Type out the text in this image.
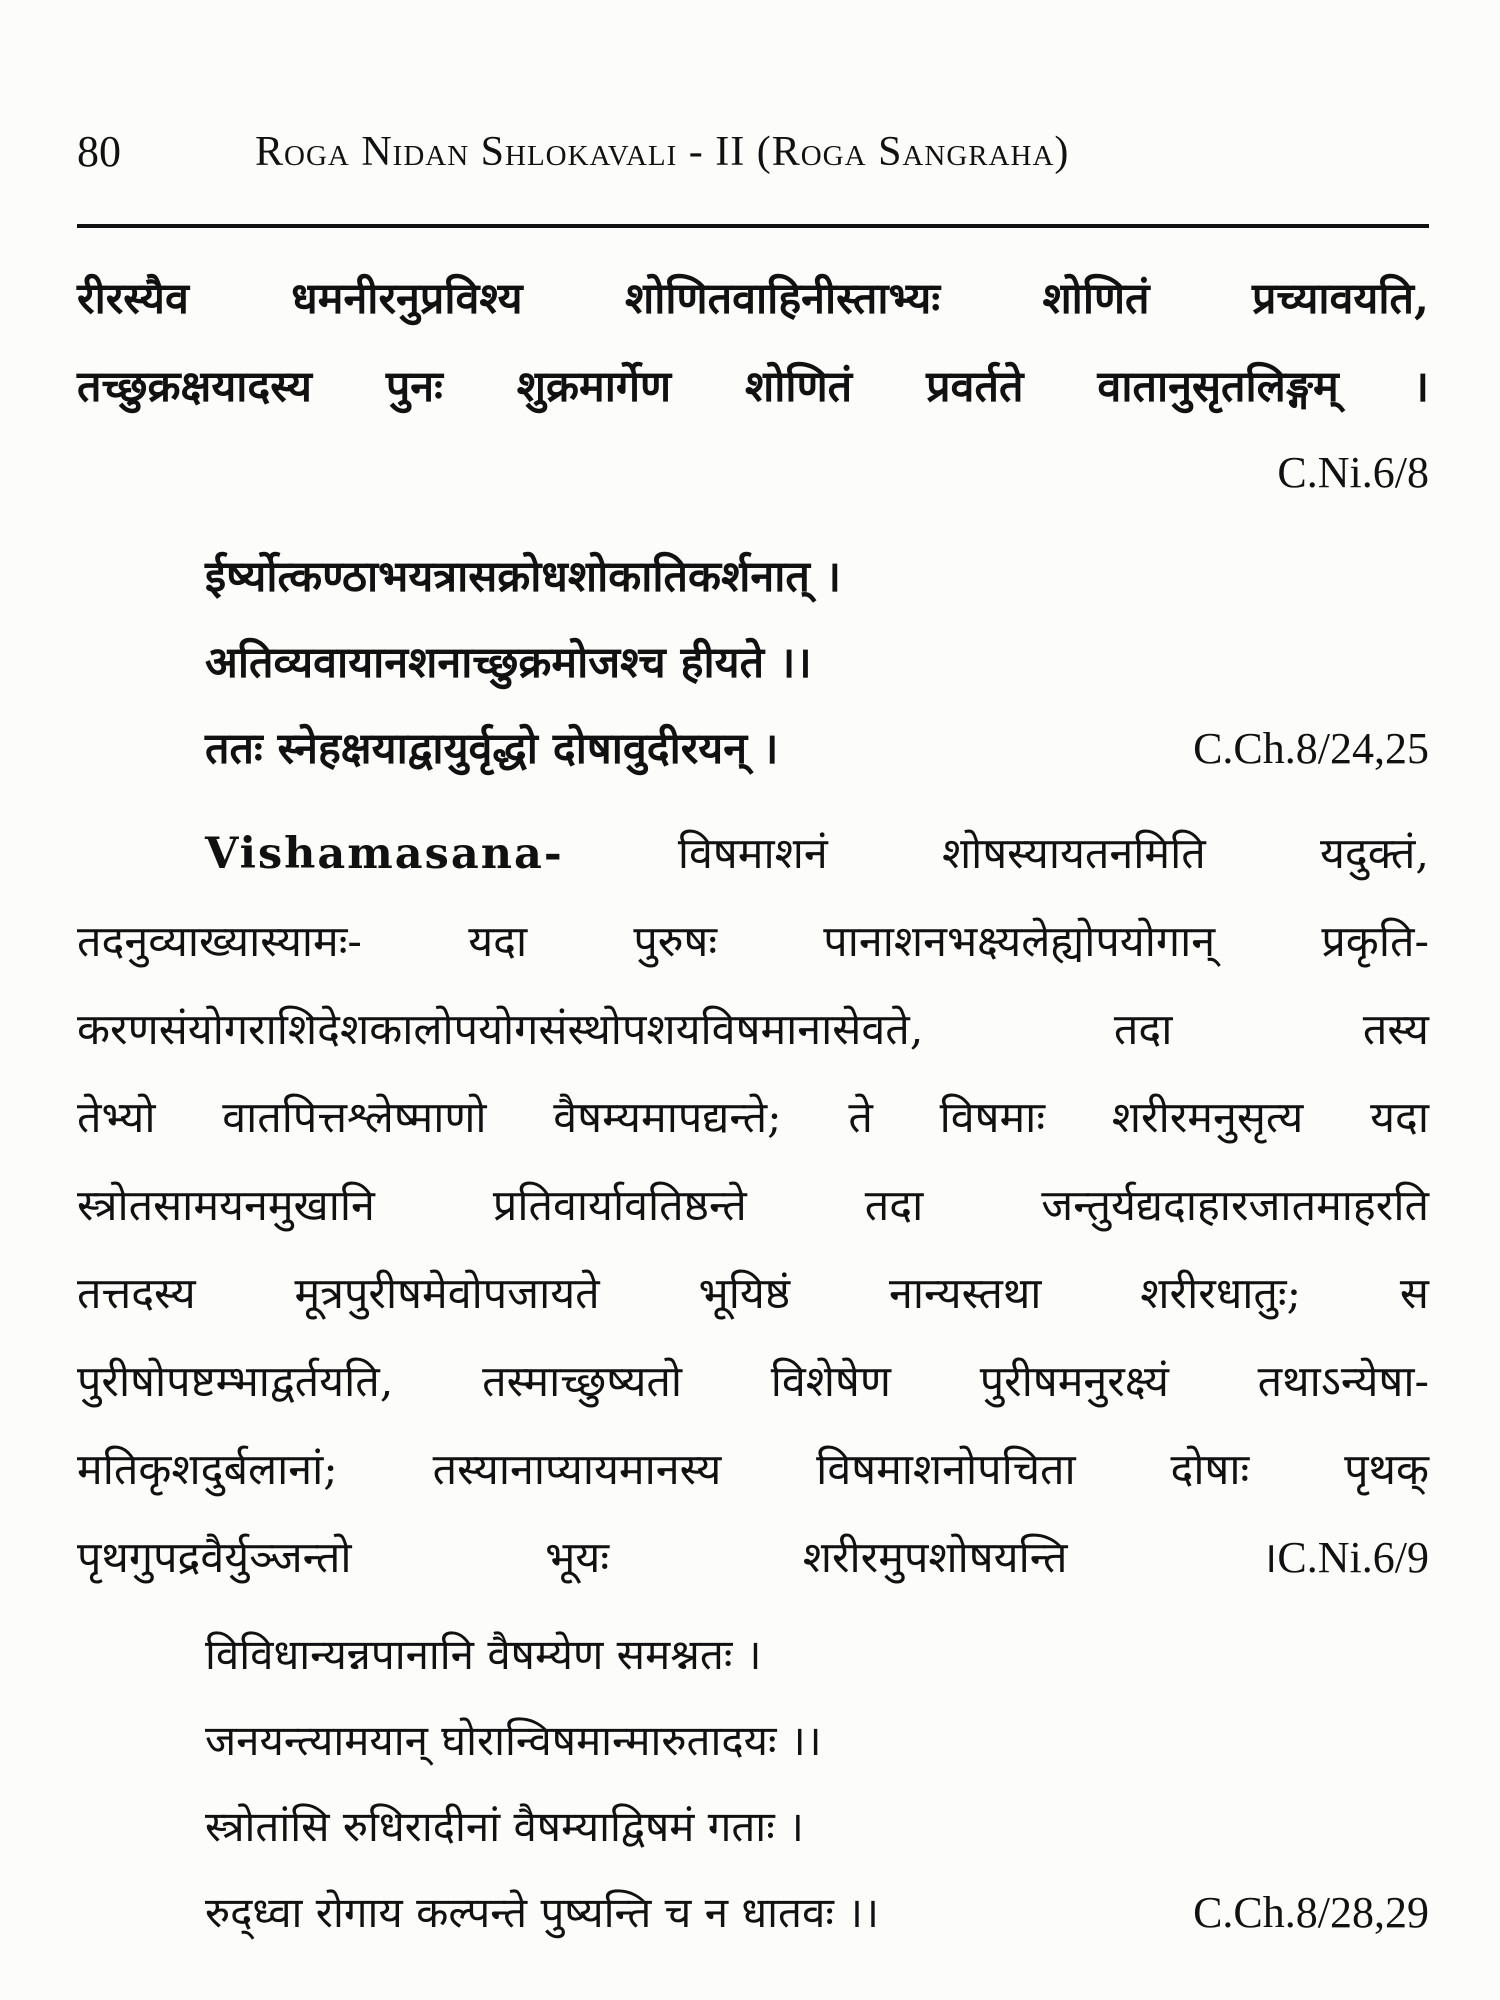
80	Roga Nidan Shlokavali - II (Roga Sangraha)
रीरस्यैव धमनीरनुप्रविश्य शोणितवाहिनीस्ताभ्यः शोणितं प्रच्यावयति,
तच्छुक्रक्षयादस्य पुनः शुक्रमार्गेण शोणितं प्रवर्तते वातानुसृतलिङ्गम् ।
C.Ni.6/8
ईर्ष्योत्कण्ठाभयत्रासक्रोधशोकातिकर्शनात् ।
अतिव्यवायानशनाच्छुक्रमोजश्च हीयते ।।
ततः स्नेहक्षयाद्वायुर्वृद्धो दोषावुदीरयन् ।	C.Ch.8/24,25
Vishamasana-	विषमाशनं शोषस्यायतनमिति यदुक्तं,
तदनुव्याख्यास्यामः- यदा पुरुषः पानाशनभक्ष्यलेह्योपयोगान् प्रकृति-
करणसंयोगराशिदेशकालोपयोगसंस्थोपशयविषमानासेवते, तदा तस्य
तेभ्यो वातपित्तश्लेष्माणो वैषम्यमापद्यन्ते; ते विषमाः शरीरमनुसृत्य यदा
स्त्रोतसामयनमुखानि प्रतिवार्यावतिष्ठन्ते तदा जन्तुर्यद्यदाहारजातमाहरति
तत्तदस्य मूत्रपुरीषमेवोपजायते भूयिष्ठं नान्यस्तथा शरीरधातुः; स
पुरीषोपष्टम्भाद्वर्तयति, तस्माच्छुष्यतो विशेषेण पुरीषमनुरक्ष्यं तथाऽन्येषा-
मतिकृशदुर्बलानां; तस्यानाप्यायमानस्य विषमाशनोपचिता दोषाः पृथक्
पृथगुपद्रवैर्युञ्जन्तो भूयः शरीरमुपशोषयन्ति । C.Ni.6/9
विविधान्यन्नपानानि वैषम्येण समश्नतः ।
जनयन्त्यामयान् घोरान्विषमान्मारुतादयः ।।
स्त्रोतांसि रुधिरादीनां वैषम्याद्विषमं गताः ।
रुद्ध्वा रोगाय कल्पन्ते पुष्यन्ति च न धातवः ।।	C.Ch.8/28,29
